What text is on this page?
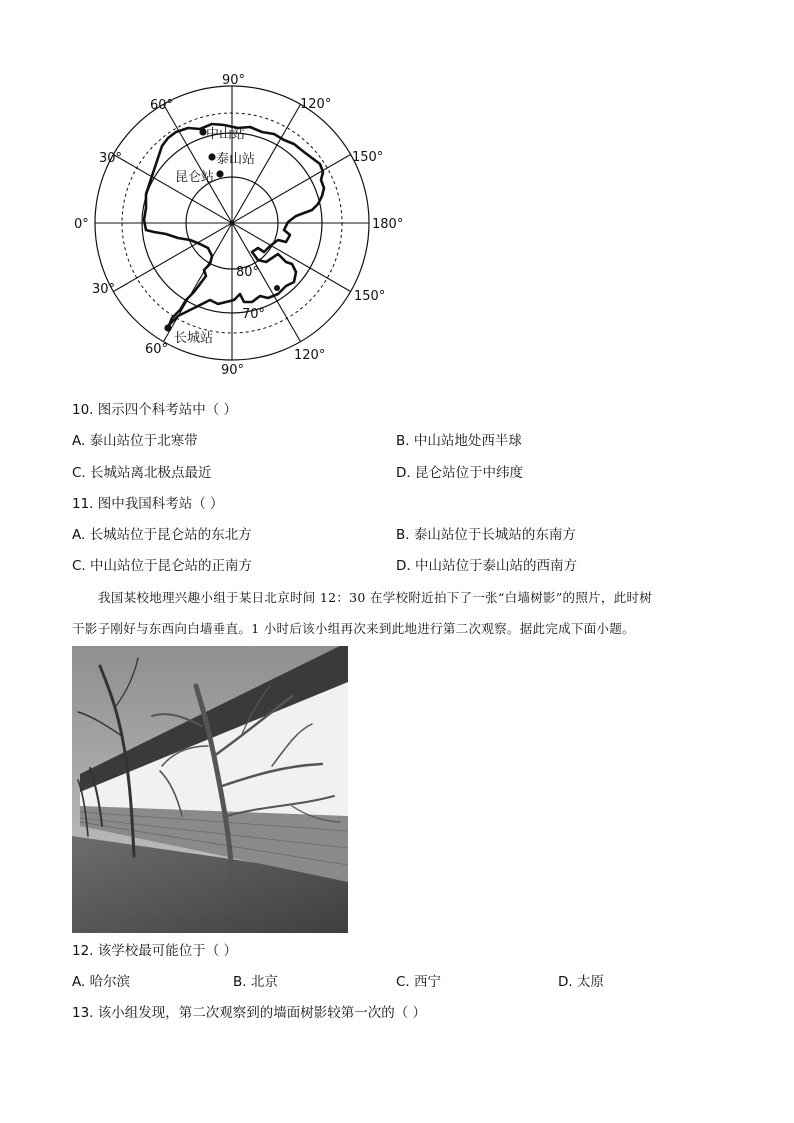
中山站
泰山站
昆仑站
长城站
80°
70°
90°
120°
150°
180°
150°
120°
90°
60°
30°
0°
30°
60°
10. 图示四个科考站中（ ）
A. 泰山站位于北寒带	B. 中山站地处西半球
C. 长城站离北极点最近	D. 昆仑站位于中纬度
11. 图中我国科考站（ ）
A. 长城站位于昆仑站的东北方	B. 泰山站位于长城站的东南方
C. 中山站位于昆仑站的正南方	D. 中山站位于泰山站的西南方
我国某校地理兴趣小组于某日北京时间 12：30 在学校附近拍下了一张“白墙树影”的照片，此时树
干影子刚好与东西向白墙垂直。1 小时后该小组再次来到此地进行第二次观察。据此完成下面小题。
12. 该学校最可能位于（ ）
A. 哈尔滨	B. 北京	C. 西宁	D. 太原
13. 该小组发现，第二次观察到的墙面树影较第一次的（ ）
